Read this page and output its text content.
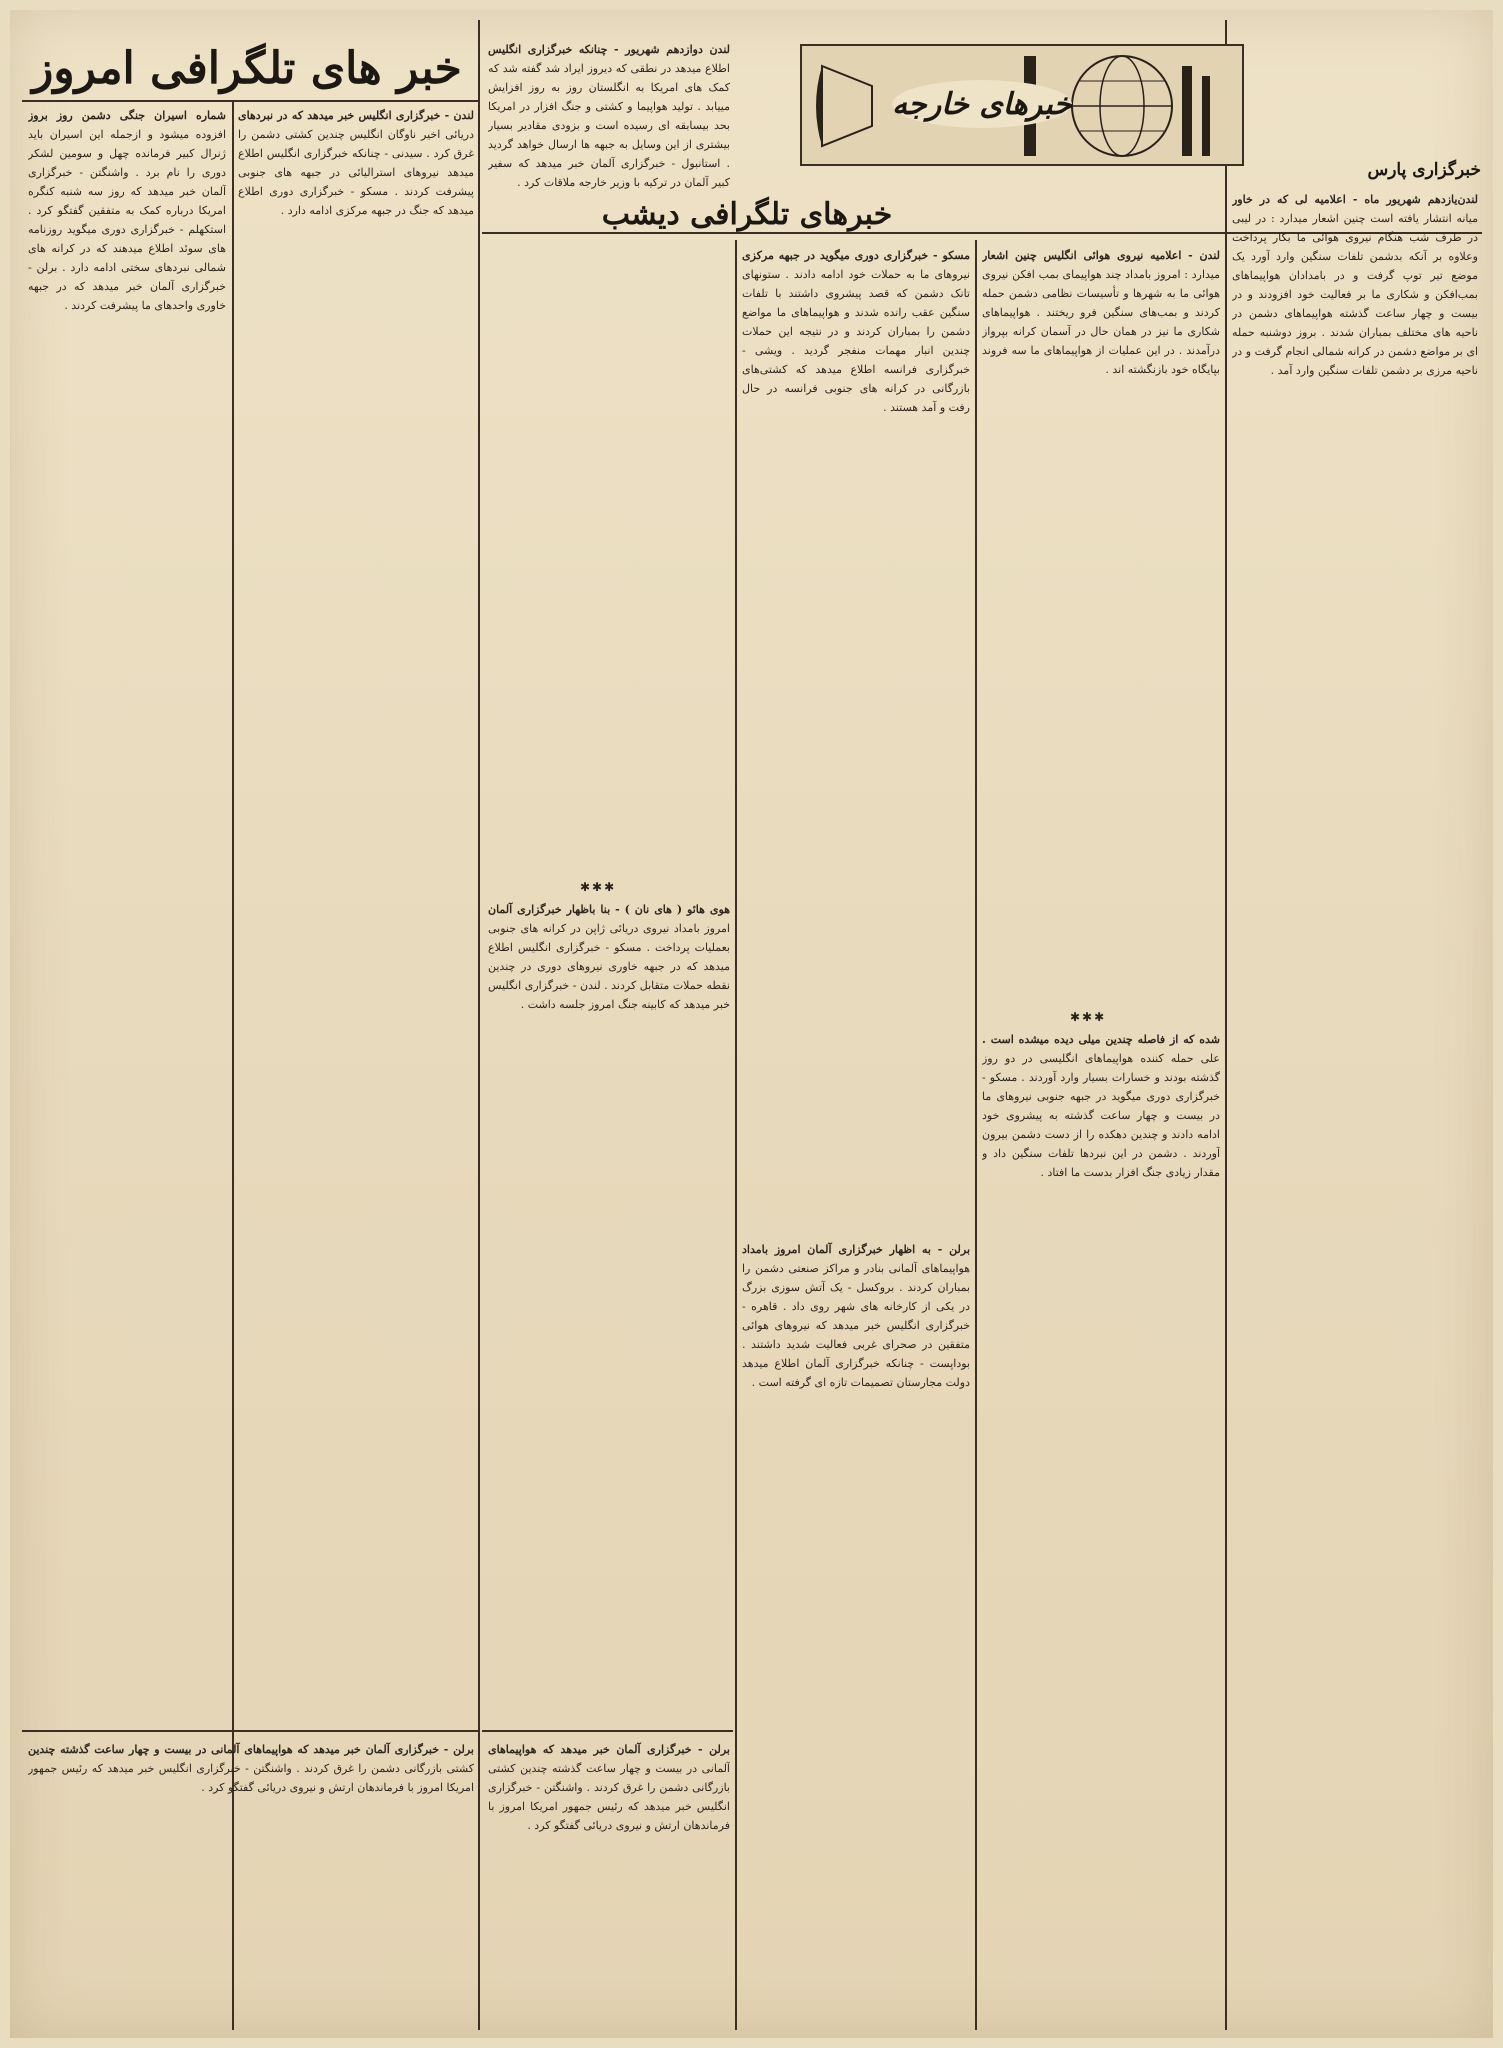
خبر های تلگرافی امروز
خبرهای خارجه
خبرهای تلگرافی دیشب
خبرگزاری پارس
لندن‌یازدهم شهریور ماه - اعلامیه لی که در خاور میانه انتشار یافته است چنین اشعار میدارد : در لیبی در طرف شب هنگام نیروی هوائی ما بکار پرداخت وعلاوه بر آنکه بدشمن تلفات سنگین وارد آورد یک موضع تیر توپ گرفت و در بامدادان هواپیماهای بمب‌افکن و شکاری ما بر فعالیت خود افزودند و در بیست و چهار ساعت گذشته هواپیماهای دشمن در ناحیه های مختلف بمباران شدند . بروز دوشنبه حمله ای بر مواضع دشمن در کرانه شمالی انجام گرفت و در ناحیه مرزی بر دشمن تلفات سنگین وارد آمد .
لندن - اعلامیه نیروی هوائی انگلیس چنین اشعار میدارد : امروز بامداد چند هواپیمای بمب افکن نیروی هوائی ما به شهرها و تأسیسات نظامی دشمن حمله کردند و بمب‌های سنگین فرو ریختند . هواپیماهای شکاری ما نیز در همان حال در آسمان کرانه بپرواز درآمدند . در این عملیات از هواپیماهای ما سه فروند بپایگاه خود بازنگشته اند .
✱✱✱
شده که از فاصله چندین میلی دیده میشده است . علی حمله کننده هواپیماهای انگلیسی در دو روز گذشته بودند و خسارات بسیار وارد آوردند . مسکو - خبرگزاری دوری میگوید در جبهه جنوبی نیروهای ما در بیست و چهار ساعت گذشته به پیشروی خود ادامه دادند و چندین دهکده را از دست دشمن بیرون آوردند . دشمن در این نبردها تلفات سنگین داد و مقدار زیادی جنگ افزار بدست ما افتاد .
مسکو - خبرگزاری دوری میگوید در جبهه مرکزی نیروهای ما به حملات خود ادامه دادند . ستونهای تانک دشمن که قصد پیشروی داشتند با تلفات سنگین عقب رانده شدند و هواپیماهای ما مواضع دشمن را بمباران کردند و در نتیجه این حملات چندین انبار مهمات منفجر گردید . ویشی - خبرگزاری فرانسه اطلاع میدهد که کشتی‌های بازرگانی در کرانه های جنوبی فرانسه در حال رفت و آمد هستند .
برلن - به اظهار خبرگزاری آلمان امروز بامداد هواپیماهای آلمانی بنادر و مراکز صنعتی دشمن را بمباران کردند . بروکسل - یک آتش سوزی بزرگ در یکی از کارخانه های شهر روی داد . قاهره - خبرگزاری انگلیس خبر میدهد که نیروهای هوائی متفقین در صحرای غربی فعالیت شدید داشتند . بوداپست - چنانکه خبرگزاری آلمان اطلاع میدهد دولت مجارستان تصمیمات تازه ای گرفته است .
لندن دوازدهم شهریور - چنانکه خبرگزاری انگلیس اطلاع میدهد در نطقی که دیروز ایراد شد گفته شد که کمک های امریکا به انگلستان روز به روز افزایش مییابد . تولید هواپیما و کشتی و جنگ افزار در امریکا بحد بیسابقه ای رسیده است و بزودی مقادیر بسیار بیشتری از این وسایل به جبهه ها ارسال خواهد گردید . استانبول - خبرگزاری آلمان خبر میدهد که سفیر کبیر آلمان در ترکیه با وزیر خارجه ملاقات کرد .
✱✱✱
هوی هائو ( های نان ) - بنا باظهار خبرگزاری آلمان امروز بامداد نیروی دریائی ژاپن در کرانه های جنوبی بعملیات پرداخت . مسکو - خبرگزاری انگلیس اطلاع میدهد که در جبهه خاوری نیروهای دوری در چندین نقطه حملات متقابل کردند . لندن - خبرگزاری انگلیس خبر میدهد که کابینه جنگ امروز جلسه داشت .
برلن - خبرگزاری آلمان خبر میدهد که هواپیماهای آلمانی در بیست و چهار ساعت گذشته چندین کشتی بازرگانی دشمن را غرق کردند . واشنگتن - خبرگزاری انگلیس خبر میدهد که رئیس جمهور امریکا امروز با فرماندهان ارتش و نیروی دریائی گفتگو کرد .
لندن - خبرگزاری انگلیس خبر میدهد که در نبردهای دریائی اخیر ناوگان انگلیس چندین کشتی دشمن را غرق کرد . سیدنی - چنانکه خبرگزاری انگلیس اطلاع میدهد نیروهای استرالیائی در جبهه های جنوبی پیشرفت کردند . مسکو - خبرگزاری دوری اطلاع میدهد که جنگ در جبهه مرکزی ادامه دارد .
شماره اسیران جنگی دشمن روز بروز افزوده میشود و ازجمله این اسیران باید ژنرال کبیر فرمانده چهل و سومین لشکر دوری را نام برد . واشنگتن - خبرگزاری آلمان خبر میدهد که روز سه شنبه کنگره امریکا درباره کمک به متفقین گفتگو کرد . استکهلم - خبرگزاری دوری میگوید روزنامه های سوئد اطلاع میدهند که در کرانه های شمالی نبردهای سختی ادامه دارد . برلن - خبرگزاری آلمان خبر میدهد که در جبهه خاوری واحدهای ما پیشرفت کردند .
برلن - خبرگزاری آلمان خبر میدهد که هواپیماهای آلمانی در بیست و چهار ساعت گذشته چندین کشتی بازرگانی دشمن را غرق کردند . واشنگتن - خبرگزاری انگلیس خبر میدهد که رئیس جمهور امریکا امروز با فرماندهان ارتش و نیروی دریائی گفتگو کرد .
